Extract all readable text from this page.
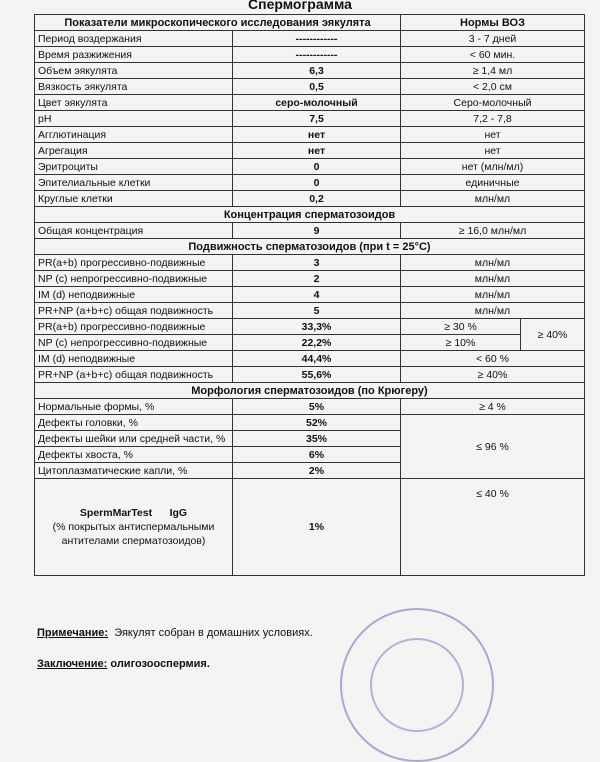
Спермограмма
Показатели микроскопического исследования эякулята		Нормы ВОЗ	
Период воздержания	------------	3 - 7 дней	
Время разжижения	------------	< 60 мин.	
Объем эякулята	6,3	≥ 1,4 мл	
Вязкость эякулята	0,5	< 2,0 см	
Цвет эякулята	серо-молочный	Серо-молочный	
pH	7,5	7,2 - 7,8	
Агглютинация	нет	нет	
Агрегация	нет	нет	
Эритроциты	0	нет (млн/мл)	
Эпителиальные клетки	0	единичные	
Круглые клетки	0,2	млн/мл	
Концентрация сперматозоидов			
Общая концентрация	9	≥ 16,0 млн/мл	
Подвижность сперматозоидов (при t = 25°C)			
PR(a+b) прогрессивно-подвижные	3	млн/мл	
NP (c) непрогрессивно-подвижные	2	млн/мл	
IM (d) неподвижные	4	млн/мл	
PR+NP (a+b+c) общая подвижность	5	млн/мл	
PR(a+b) прогрессивно-подвижные	33,3%	≥ 30 %	≥ 40%
NP (c) непрогрессивно-подвижные	22,2%	≥ 10%	
IM (d) неподвижные	44,4%	< 60 %	
PR+NP (a+b+c) общая подвижность	55,6%	≥ 40%	
Морфология сперматозоидов (по Крюгеру)			
Нормальные формы, %	5%	≥ 4 %	
Дефекты головки, %	52%	≤ 96 %	
Дефекты шейки или средней части, %	35%		
Дефекты хвоста, %	6%		
Цитоплазматические капли, %	2%		

SpermMarTest IgG
(% покрытых антиспермальными
антителами сперматозоидов)	1%	≤ 40 %	
Примечание: Эякулят собран в домашних условиях.
Заключение: олигозооспермия.
